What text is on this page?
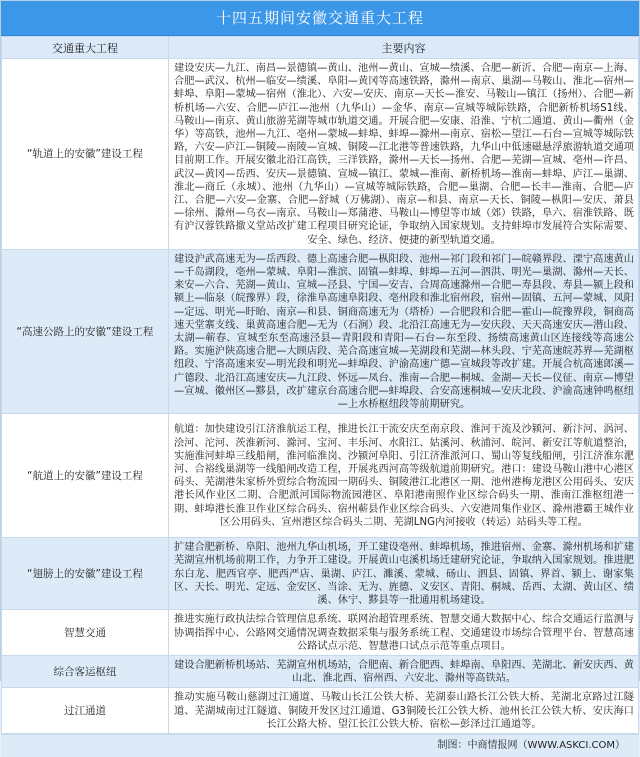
十四五期间安徽交通重大工程
交通重大工程	主要内容
“轨道上的安徽”建设工程	建设安庆—九江、南昌—景德镇—黄山、池州—黄山、宣城—绩溪、合肥—新沂、合肥—南京—上海、合肥—武汉、杭州—临安—绩溪、阜阳—黄冈等高速铁路，滁州—南京、巢湖—马鞍山、淮北—宿州—蚌埠、阜阳—蒙城—宿州（淮北）、六安—安庆、南京—天长—淮安、马鞍山—镇江（扬州）、合肥—新桥机场—六安、合肥—庐江—池州（九华山）—金华、南京—宣城等城际铁路，合肥新桥机场S1线、马鞍山—南京、黄山旅游芜湖等城市轨道交通。开展合肥—安康、沿淮、宁杭二通道、黄山—衢州（金华）等高铁，池州—九江、亳州—蒙城—蚌埠、蚌埠—滁州—南京、宿松—望江—石台—宣城等城际铁路，六安—庐江—铜陵—南陵—宣城、铜陵—江北港等普速铁路，九华山中低速磁悬浮旅游轨道交通项目前期工作。开展安徽北沿江高铁，三洋铁路，滁州—天长—扬州、合肥—芜湖—宣城、亳州—许昌、武汉—黄冈—岳西、安庆—景德镇、宣城—镇江、蒙城—淮南、新桥机场—淮南—蚌埠、庐江—巢湖、淮北—商丘（永城）、池州（九华山）—宣城等城际铁路，合肥—巢湖、合肥—长丰—淮南、合肥—庐江、合肥—六安—金寨、合肥—舒城（万佛湖）、南京—和县、南京—天长、铜陵—枞阳—安庆、萧县—徐州、滁州—乌衣—南京、马鞍山—郑蒲港、马鞍山—博望等市域（郊）铁路，阜六、宿淮铁路、既有沪汉蓉铁路撤义堂站改扩建工程项目研究论证，争取纳入国家规划。支持蚌埠市发展符合实际需要、安全、绿色、经济、便捷的新型轨道交通。
“高速公路上的安徽”建设工程	建设沪武高速无为—岳西段、德上高速合肥—枞阳段、池州—祁门段和祁门—皖赣界段、溧宁高速黄山—千岛湖段，亳州—蒙城、阜阳—淮滨、固镇—蚌埠、蚌埠—五河—泗洪、明光—巢湖、滁州—天长、来安—六合、芜湖—黄山、宣城—泾县、宁国—安吉、合周高速滁州—合肥—寿县段、寿县—颍上段和颍上—临泉（皖豫界）段，徐淮阜高速阜阳段、亳州段和淮北宿州段，宿州—固镇、五河—蒙城、凤阳—定远、明光—盱眙、南京—和县、铜商高速无为（塔桥）—合肥段和合肥—霍山—皖豫界段，铜商高速天堂寨支线、巢黄高速合肥—无为（石涧）段、北沿江高速无为—安庆段、天天高速安庆—潜山段、太湖—蕲春、宣城至东至高速泾县—青阳段和青阳—石台—东至段、扬绩高速黄山区连接线等高速公路。实施沪陕高速合肥—大顾店段、芜合高速宣城—芜湖段和芜湖—林头段、宁芜高速皖苏界—芜湖枢纽段、宁洛高速来安—明光段和明光—蚌埠段、沪渝高速广德—宣城段等改扩建。开展合杭高速郎溪—广德段、北沿江高速安庆—九江段、怀远—凤台、淮南—合肥—桐城、金湖—天长—仪征、南京—博望—宣城、徽州区—黟县，改扩建京台高速合肥—蚌埠段、合安高速桐城—安庆北段、沪渝高速钟鸣枢纽—上水桥枢纽段等前期研究。
“航道上的安徽”建设工程	航道：加快建设引江济淮航运工程，推进长江干流安庆至南京段、淮河干流及沙颍河、新汴河、涡河、浍河、沱河、茨淮新河、滁河、宝河、丰乐河、水阳江、姑溪河、秋浦河、皖河、新安江等航道整治，实施淮河蚌埠三线船闸，淮河临淮岗、沙颍河阜阳、引江济淮派河口、蜀山等复线船闸，引江济淮东淝河、合裕线巢湖等一线船闸改造工程，开展兆西河高等级航道前期研究。港口：建设马鞍山港中心港区码头、芜湖港朱家桥外贸综合物流园一期码头、铜陵港江北港区一期、池州港梅龙港区公用码头、安庆港长风作业区二期、合肥派河国际物流园港区、阜阳港南照作业区综合码头一期、淮南江淮枢纽港一期、蚌埠港长淮卫作业区综合码头、宿州蕲县作业区综合码头、六安港周集作业区、滁州港霸王城作业区公用码头、宣州港区综合码头二期、芜湖LNG内河接收（转运）站码头等工程。
“翅膀上的安徽”建设工程	扩建合肥新桥、阜阳、池州九华山机场，开工建设亳州、蚌埠机场，推进宿州、金寨、滁州机场和扩建芜湖宣州机场前期工作，力争开工建设。开展黄山屯溪机场迁建研究论证，争取纳入国家规划。推进肥东白龙、肥西官亭、肥西严店、巢湖、庐江、濉溪、蒙城、砀山、泗县、固镇、界首、颍上、谢家集区、天长、明光、定远、金安区、当涂、无为、旌德、义安区、青阳、桐城、岳西、太湖、黄山区、绩溪、休宁、黟县等一批通用机场建设。
智慧交通	推进实施行政执法综合管理信息系统、联网治超管理系统、智慧交通大数据中心、综合交通运行监测与协调指挥中心、公路网交通情况调查数据采集与服务系统工程、交通建设市场综合管理平台、智慧高速公路试点示范、智慧港口试点示范等重点项目。
综合客运枢纽	建设合肥新桥机场站、芜湖宣州机场站，合肥南、新合肥西、蚌埠南、阜阳西、芜湖北、新安庆西、黄山北、淮北西、宿州西、六安北、滁州等高铁站。
过江通道	推动实施马鞍山慈湖过江通道、马鞍山长江公铁大桥、芜湖泰山路长江公铁大桥、芜湖北京路过江隧道、芜湖城南过江隧道、铜陵开发区过江通道、G3铜陵长江公铁大桥、池州长江公铁大桥、安庆海口长江公路大桥、望江长江公铁大桥、宿松—彭泽过江通道等。
制图：中商情报网（WWW.ASKCI.COM）
